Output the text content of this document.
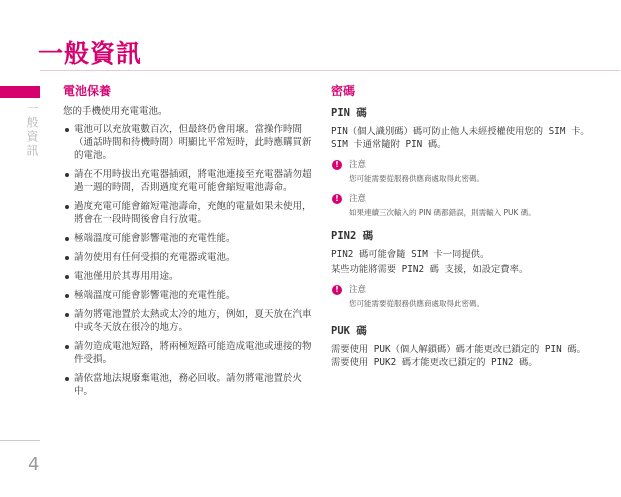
一般資訊
一般資訊
4
電池保養
您的手機使用充電電池。
電池可以充放電數百次，但最終仍會用壞。當操作時間（通話時間和待機時間）明顯比平常短時，此時應購買新的電池。
請在不用時拔出充電器插頭，將電池連接至充電器請勿超過一週的時間，否則過度充電可能會縮短電池壽命。
過度充電可能會縮短電池壽命，充飽的電量如果未使用，將會在一段時間後會自行放電。
極端溫度可能會影響電池的充電性能。
請勿使用有任何受損的充電器或電池。
電池僅用於其專用用途。
極端溫度可能會影響電池的充電性能。
請勿將電池置於太熱或太冷的地方，例如，夏天放在汽車中或冬天放在很冷的地方。
請勿造成電池短路，將兩極短路可能造成電池或連接的物件受損。
請依當地法規廢棄電池，務必回收。請勿將電池置於火中。
密碼
PIN 碼
PIN（個人識別碼）碼可防止他人未經授權使用您的 SIM 卡。SIM 卡通常隨附 PIN 碼。
!	注意
您可能需要從服務供應商處取得此密碼。
!	注意
如果連續三次輸入的 PIN 碼都錯誤，則需輸入 PUK 碼。
PIN2 碼
PIN2 碼可能會隨 SIM 卡一同提供。
某些功能將需要 PIN2 碼 支援，如設定費率。
!	注意
您可能需要從服務供應商處取得此密碼。
PUK 碼
需要使用 PUK（個人解鎖碼）碼才能更改已鎖定的 PIN 碼。
需要使用 PUK2 碼才能更改已鎖定的 PIN2 碼。
